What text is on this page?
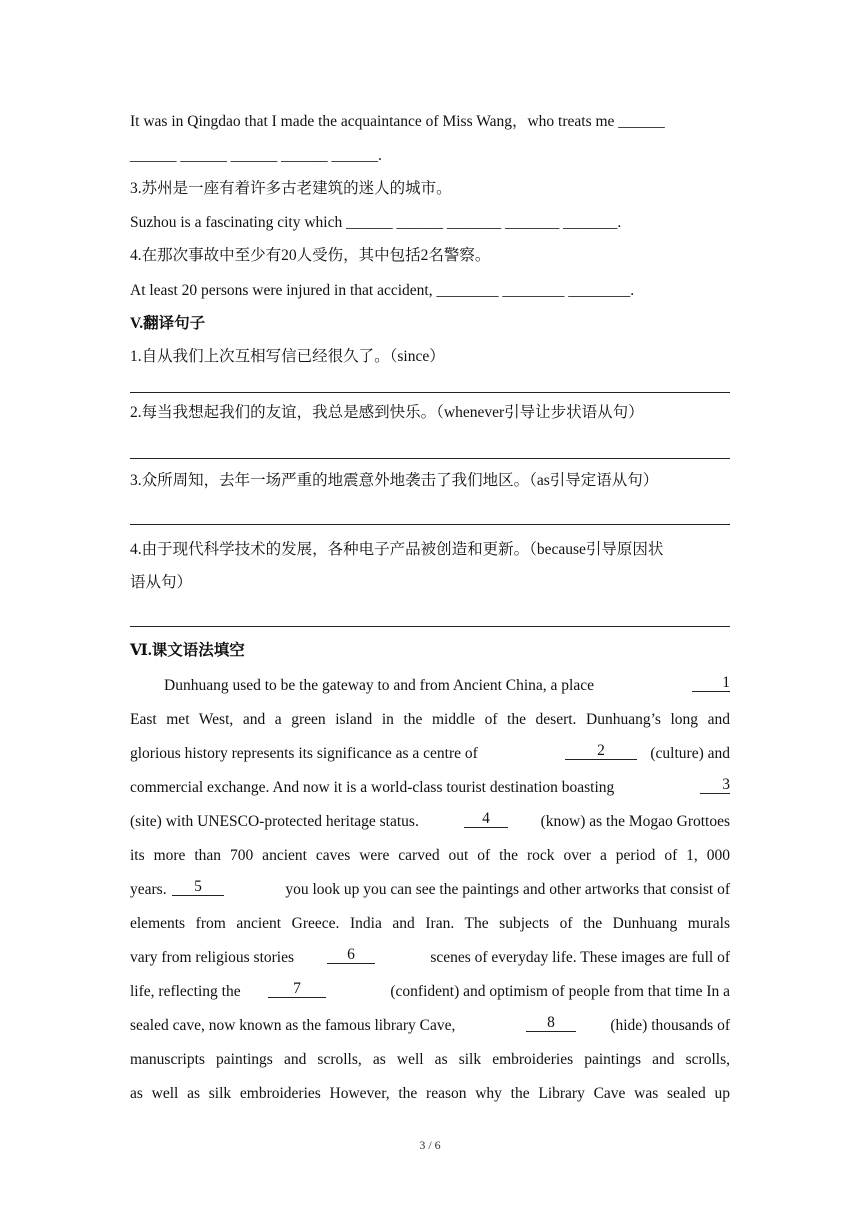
It was in Qingdao that I made the acquaintance of Miss Wang，who treats me ______
______ ______ ______ ______ ______.
3.苏州是一座有着许多古老建筑的迷人的城市。
Suzhou is a fascinating city which ______ ______ _______ _______ _______.
4.在那次事故中至少有20人受伤，其中包括2名警察。
At least 20 persons were injured in that accident, ________ ________ ________.
V.翻译句子
1.自从我们上次互相写信已经很久了。（since）
2.每当我想起我们的友谊，我总是感到快乐。（whenever引导让步状语从句）
3.众所周知，去年一场严重的地震意外地袭击了我们地区。（as引导定语从句）
4.由于现代科学技术的发展，各种电子产品被创造和更新。（because引导原因状
语从句）
Ⅵ.课文语法填空
Dunhuang used to be the gateway to and from Ancient China, a place	1
East met West, and a green island in the middle of the desert. Dunhuang’s long and
glorious history represents its significance as a centre of	2	(culture) and
commercial exchange. And now it is a world-class tourist destination boasting	3
(site) with UNESCO-protected heritage status.	4	(know) as the Mogao Grottoes
its more than 700 ancient caves were carved out of the rock over a period of 1, 000
years.	5	you look up you can see the paintings and other artworks that consist of
elements from ancient Greece. India and Iran. The subjects of the Dunhuang murals
vary from religious stories	6	scenes of everyday life. These images are full of
life, reflecting the	7	(confident) and optimism of people from that time In a
sealed cave, now known as the famous library Cave,	8	(hide) thousands of
manuscripts paintings and scrolls, as well as silk embroideries paintings and scrolls,
as well as silk embroideries However, the reason why the Library Cave was sealed up
3 / 6
